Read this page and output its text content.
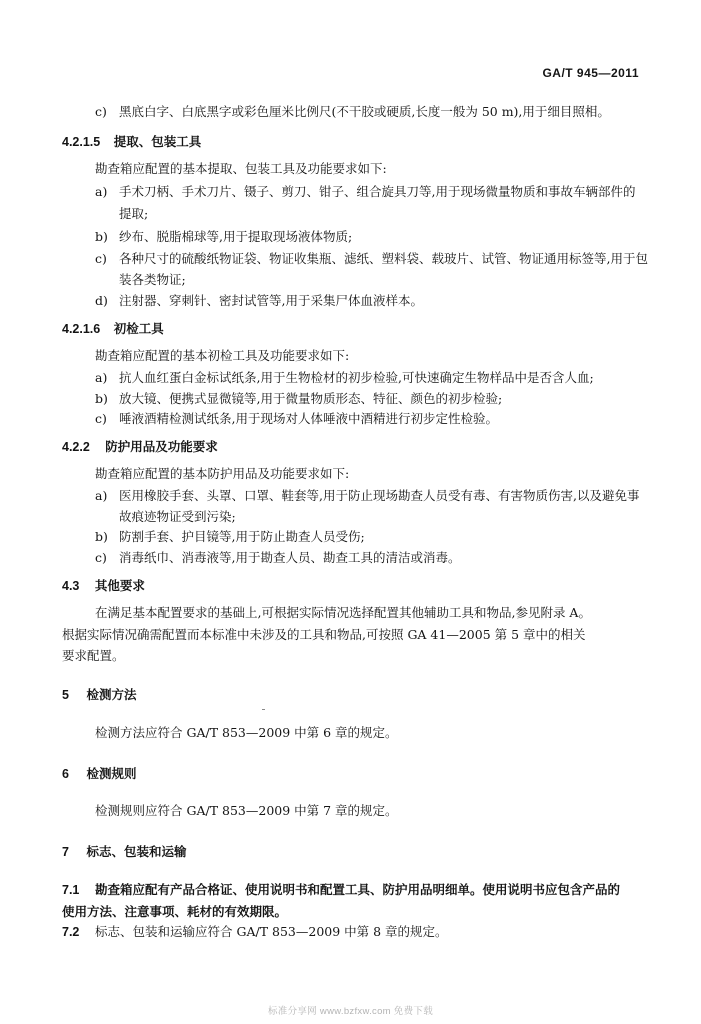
GA/T 945—2011
c) 黑底白字、白底黑字或彩色厘米比例尺(不干胶或硬质,长度一般为 50 m),用于细目照相。
4.2.1.5 提取、包装工具
勘查箱应配置的基本提取、包装工具及功能要求如下:
a) 手术刀柄、手术刀片、镊子、剪刀、钳子、组合旋具刀等,用于现场微量物质和事故车辆部件的
提取;
b) 纱布、脱脂棉球等,用于提取现场液体物质;
c) 各种尺寸的硫酸纸物证袋、物证收集瓶、滤纸、塑料袋、载玻片、试管、物证通用标签等,用于包
装各类物证;
d) 注射器、穿刺针、密封试管等,用于采集尸体血液样本。
4.2.1.6 初检工具
勘查箱应配置的基本初检工具及功能要求如下:
a) 抗人血红蛋白金标试纸条,用于生物检材的初步检验,可快速确定生物样品中是否含人血;
b) 放大镜、便携式显微镜等,用于微量物质形态、特征、颜色的初步检验;
c) 唾液酒精检测试纸条,用于现场对人体唾液中酒精进行初步定性检验。
4.2.2 防护用品及功能要求
勘查箱应配置的基本防护用品及功能要求如下:
a) 医用橡胶手套、头罩、口罩、鞋套等,用于防止现场勘查人员受有毒、有害物质伤害,以及避免事
故痕迹物证受到污染;
b) 防割手套、护目镜等,用于防止勘查人员受伤;
c) 消毒纸巾、消毒液等,用于勘查人员、勘查工具的清洁或消毒。
4.3 其他要求
在满足基本配置要求的基础上,可根据实际情况选择配置其他辅助工具和物品,参见附录 A。
根据实际情况确需配置而本标准中未涉及的工具和物品,可按照 GA 41—2005 第 5 章中的相关
要求配置。
5 检测方法
检测方法应符合 GA/T 853—2009 中第 6 章的规定。
6 检测规则
检测规则应符合 GA/T 853—2009 中第 7 章的规定。
7 标志、包装和运输
7.1 勘查箱应配有产品合格证、使用说明书和配置工具、防护用品明细单。使用说明书应包含产品的
使用方法、注意事项、耗材的有效期限。
7.2 标志、包装和运输应符合 GA/T 853—2009 中第 8 章的规定。
标准分享网 www.bzfxw.com 免费下载
